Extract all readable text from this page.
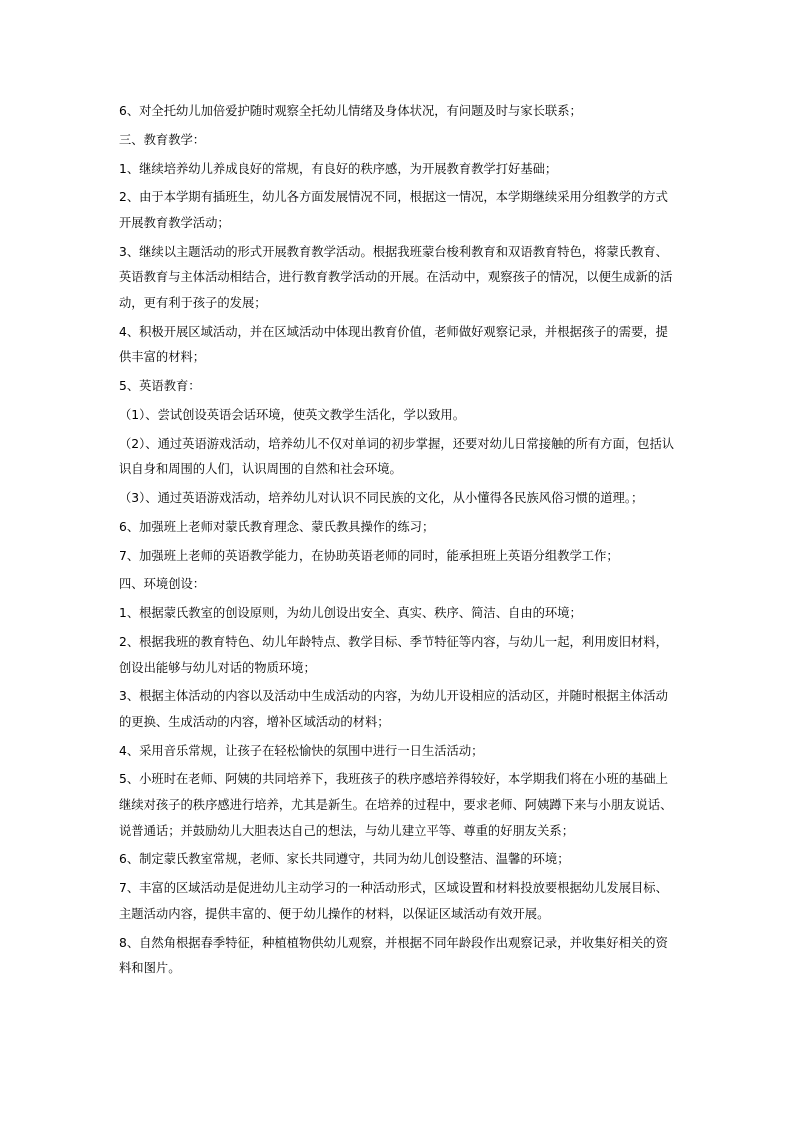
6、对全托幼儿加倍爱护随时观察全托幼儿情绪及身体状况，有问题及时与家长联系；

三、教育教学：

1、继续培养幼儿养成良好的常规，有良好的秩序感，为开展教育教学打好基础；

2、由于本学期有插班生，幼儿各方面发展情况不同，根据这一情况，本学期继续采用分组教学的方式开展教育教学活动；

3、继续以主题活动的形式开展教育教学活动。根据我班蒙台梭利教育和双语教育特色，将蒙氏教育、英语教育与主体活动相结合，进行教育教学活动的开展。在活动中，观察孩子的情况，以便生成新的活动，更有利于孩子的发展；

4、积极开展区域活动，并在区域活动中体现出教育价值，老师做好观察记录，并根据孩子的需要，提供丰富的材料；

5、英语教育：

（1）、尝试创设英语会话环境，使英文教学生活化，学以致用。

（2）、通过英语游戏活动，培养幼儿不仅对单词的初步掌握，还要对幼儿日常接触的所有方面，包括认识自身和周围的人们，认识周围的自然和社会环境。

（3）、通过英语游戏活动，培养幼儿对认识不同民族的文化，从小懂得各民族风俗习惯的道理。；

6、加强班上老师对蒙氏教育理念、蒙氏教具操作的练习；

7、加强班上老师的英语教学能力，在协助英语老师的同时，能承担班上英语分组教学工作；

四、环境创设：

1、根据蒙氏教室的创设原则，为幼儿创设出安全、真实、秩序、简洁、自由的环境；

2、根据我班的教育特色、幼儿年龄特点、教学目标、季节特征等内容，与幼儿一起，利用废旧材料，创设出能够与幼儿对话的物质环境；

3、根据主体活动的内容以及活动中生成活动的内容，为幼儿开设相应的活动区，并随时根据主体活动的更换、生成活动的内容，增补区域活动的材料；

4、采用音乐常规，让孩子在轻松愉快的氛围中进行一日生活活动；

5、小班时在老师、阿姨的共同培养下，我班孩子的秩序感培养得较好，本学期我们将在小班的基础上继续对孩子的秩序感进行培养，尤其是新生。在培养的过程中，要求老师、阿姨蹲下来与小朋友说话、说普通话；并鼓励幼儿大胆表达自己的想法，与幼儿建立平等、尊重的好朋友关系；

6、制定蒙氏教室常规，老师、家长共同遵守，共同为幼儿创设整洁、温馨的环境；

7、丰富的区域活动是促进幼儿主动学习的一种活动形式，区域设置和材料投放要根据幼儿发展目标、主题活动内容，提供丰富的、便于幼儿操作的材料，以保证区域活动有效开展。

8、自然角根据春季特征，种植植物供幼儿观察，并根据不同年龄段作出观察记录，并收集好相关的资料和图片。
